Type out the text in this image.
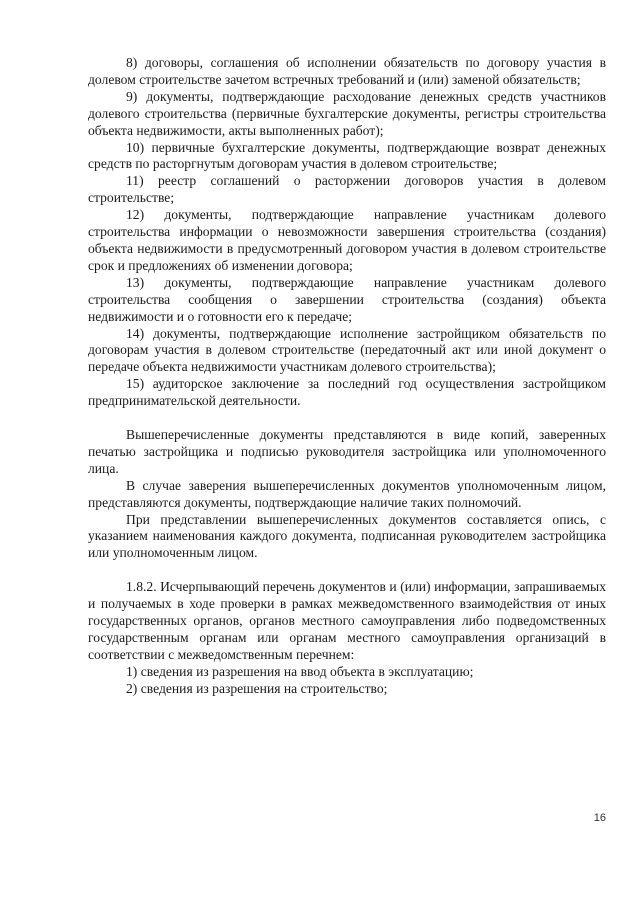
8) договоры, соглашения об исполнении обязательств по договору участия в долевом строительстве зачетом встречных требований и (или) заменой обязательств;

9) документы, подтверждающие расходование денежных средств участников долевого строительства (первичные бухгалтерские документы, регистры строительства объекта недвижимости, акты выполненных работ);

10) первичные бухгалтерские документы, подтверждающие возврат денежных средств по расторгнутым договорам участия в долевом строительстве;

11) реестр соглашений о расторжении договоров участия в долевом строительстве;

12) документы, подтверждающие направление участникам долевого строительства информации о невозможности завершения строительства (создания) объекта недвижимости в предусмотренный договором участия в долевом строительстве срок и предложениях об изменении договора;

13) документы, подтверждающие направление участникам долевого строительства сообщения о завершении строительства (создания) объекта недвижимости и о готовности его к передаче;

14) документы, подтверждающие исполнение застройщиком обязательств по договорам участия в долевом строительстве (передаточный акт или иной документ о передаче объекта недвижимости участникам долевого строительства);

15) аудиторское заключение за последний год осуществления застройщиком предпринимательской деятельности.

Вышеперечисленные документы представляются в виде копий, заверенных печатью застройщика и подписью руководителя застройщика или уполномоченного лица.

В случае заверения вышеперечисленных документов уполномоченным лицом, представляются документы, подтверждающие наличие таких полномочий.

При представлении вышеперечисленных документов составляется опись, с указанием наименования каждого документа, подписанная руководителем застройщика или уполномоченным лицом.

1.8.2. Исчерпывающий перечень документов и (или) информации, запрашиваемых и получаемых в ходе проверки в рамках межведомственного взаимодействия от иных государственных органов, органов местного самоуправления либо подведомственных государственным органам или органам местного самоуправления организаций в соответствии с межведомственным перечнем:

1) сведения из разрешения на ввод объекта в эксплуатацию;

2) сведения из разрешения на строительство;

16
